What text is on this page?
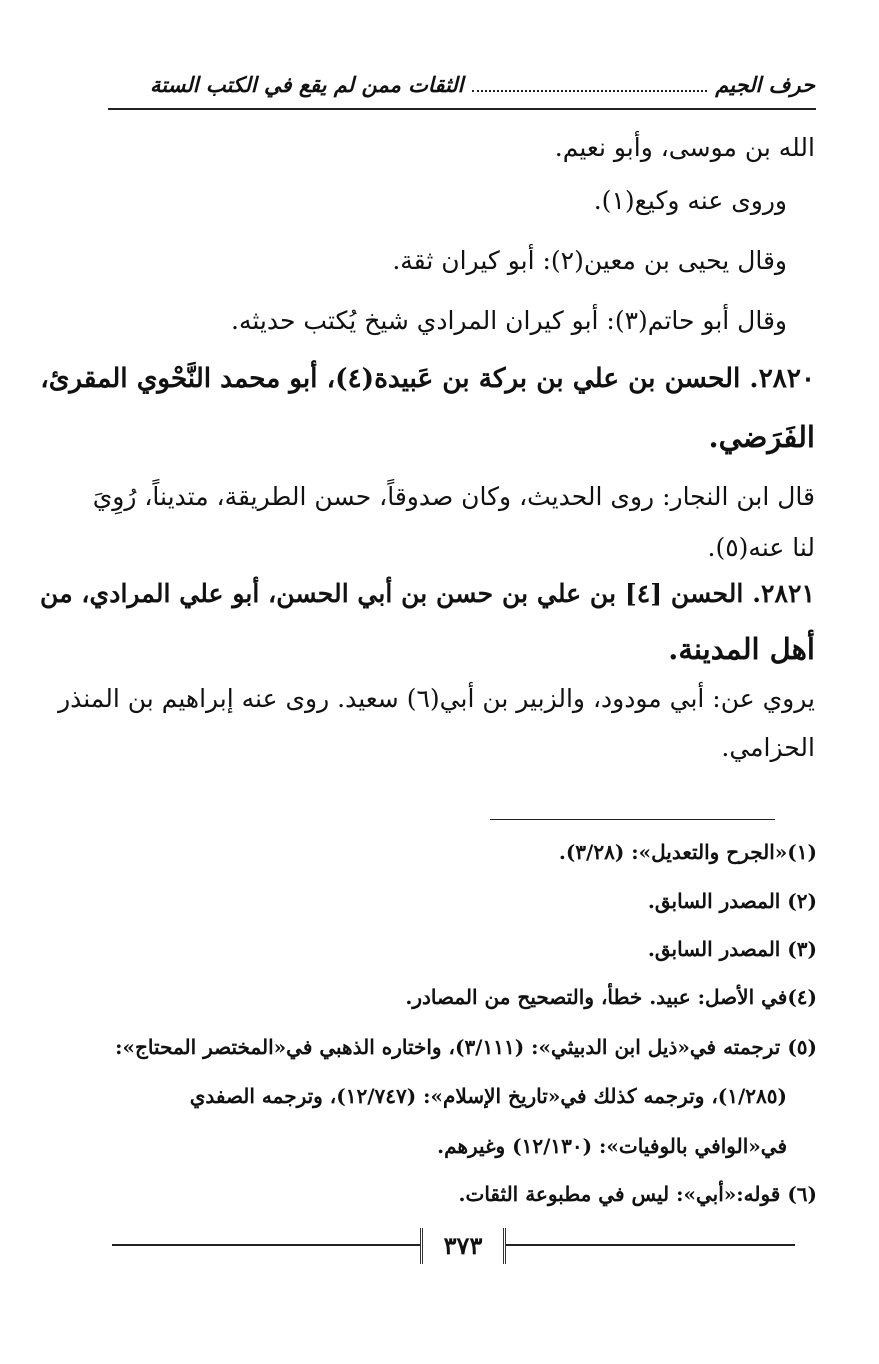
حرف الجيم
الثقات ممن لم يقع في الكتب الستة
الله بن موسى، وأبو نعيم.
وروى عنه وكيع(١).
وقال يحيى بن معين(٢): أبو كيران ثقة.
وقال أبو حاتم(٣): أبو كيران المرادي شيخ يُكتب حديثه.
٢٨٢٠. الحسن بن علي بن بركة بن عَبيدة(٤)، أبو محمد النَّحْوي المقرئ،
الفَرَضي.
قال ابن النجار: روى الحديث، وكان صدوقاً، حسن الطريقة، متديناً، رُوِيَ
لنا عنه(٥).
٢٨٢١. الحسن [٤] بن علي بن حسن بن أبي الحسن، أبو علي المرادي، من
أهل المدينة.
يروي عن: أبي مودود، والزبير بن أبي(٦) سعيد. روى عنه إبراهيم بن المنذر
الحزامي.
(١)«الجرح والتعديل»: (٣/٢٨).
(٢) المصدر السابق.
(٣) المصدر السابق.
(٤)في الأصل: عبيد. خطأ، والتصحيح من المصادر.
(٥) ترجمته في«ذيل ابن الدبيثي»: (٣/١١١)، واختاره الذهبي في«المختصر المحتاج»:
(١/٢٨٥)، وترجمه كذلك في«تاريخ الإسلام»: (١٢/٧٤٧)، وترجمه الصفدي
في«الوافي بالوفيات»: (١٢/١٣٠) وغيرهم.
(٦) قوله:«أبي»: ليس في مطبوعة الثقات.
٣٧٣
